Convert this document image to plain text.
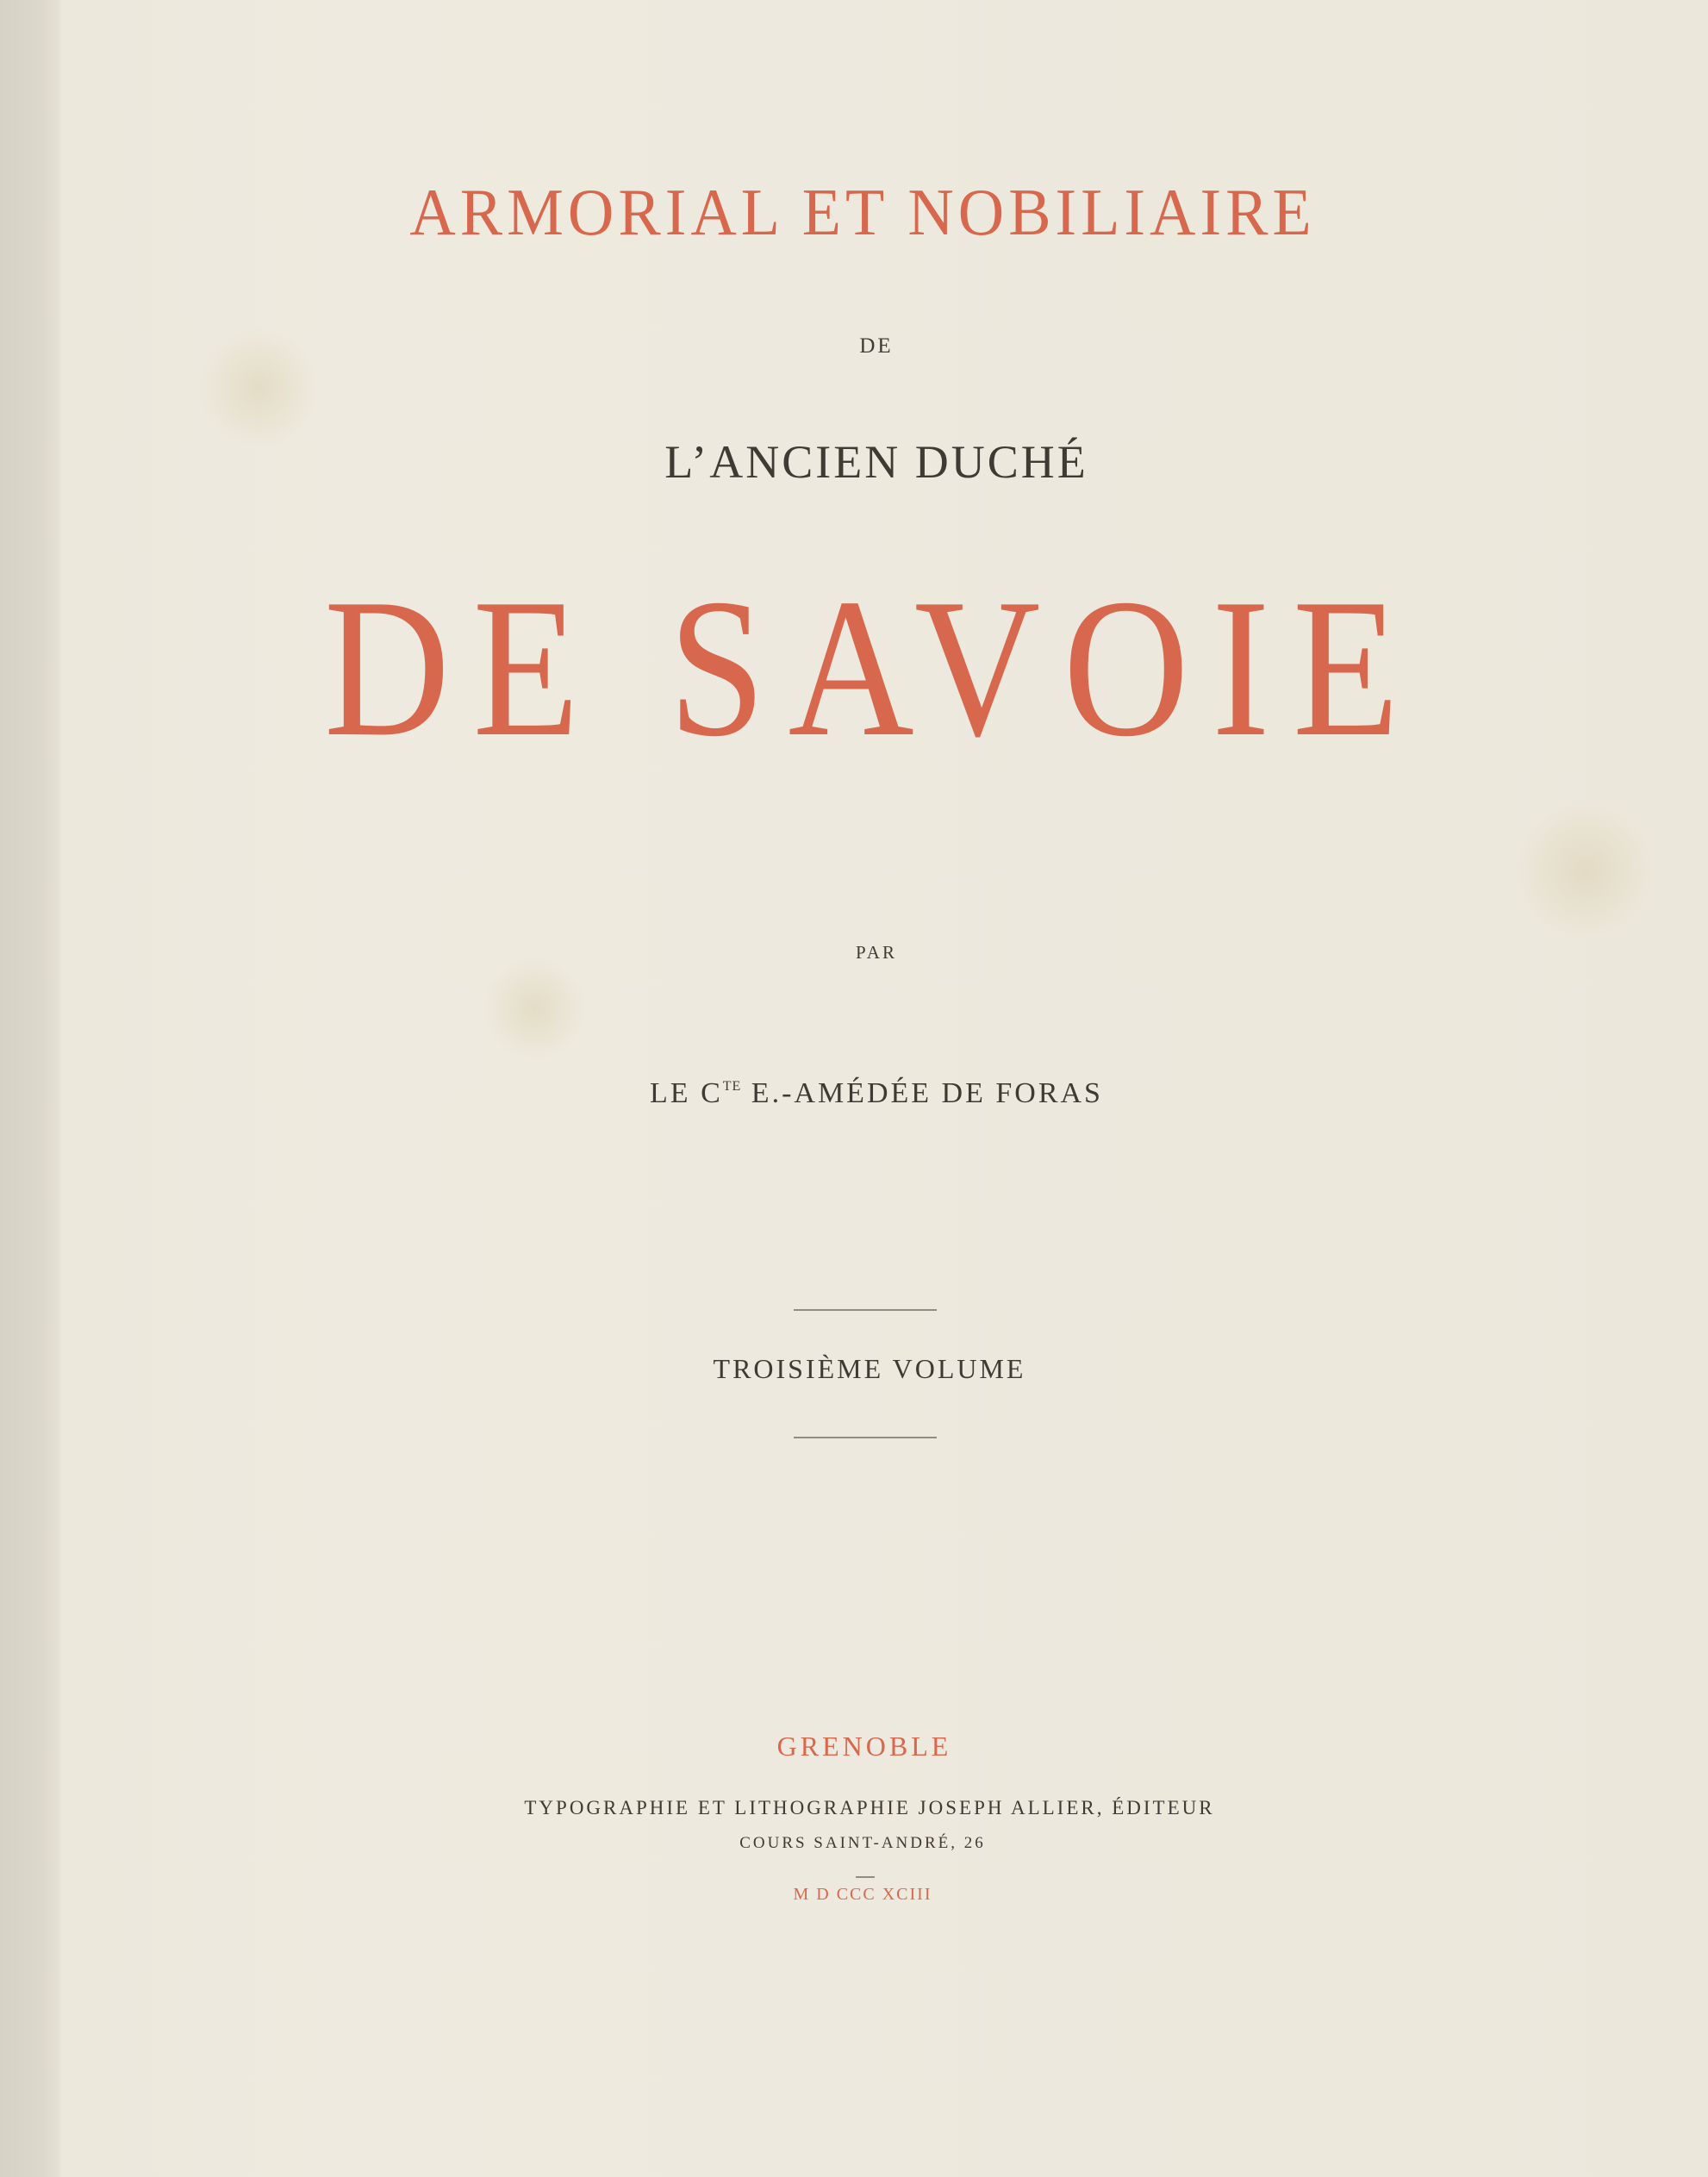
ARMORIAL ET NOBILIAIRE
DE
L’ANCIEN DUCHÉ
DE SAVOIE
PAR
LE $C^{TE}$ E.-AMÉDÉE DE FORAS
TROISIÈME VOLUME
GRENOBLE
TYPOGRAPHIE ET LITHOGRAPHIE JOSEPH ALLIER, ÉDITEUR
COURS SAINT-ANDRÉ, 26
M D CCC XCIII
